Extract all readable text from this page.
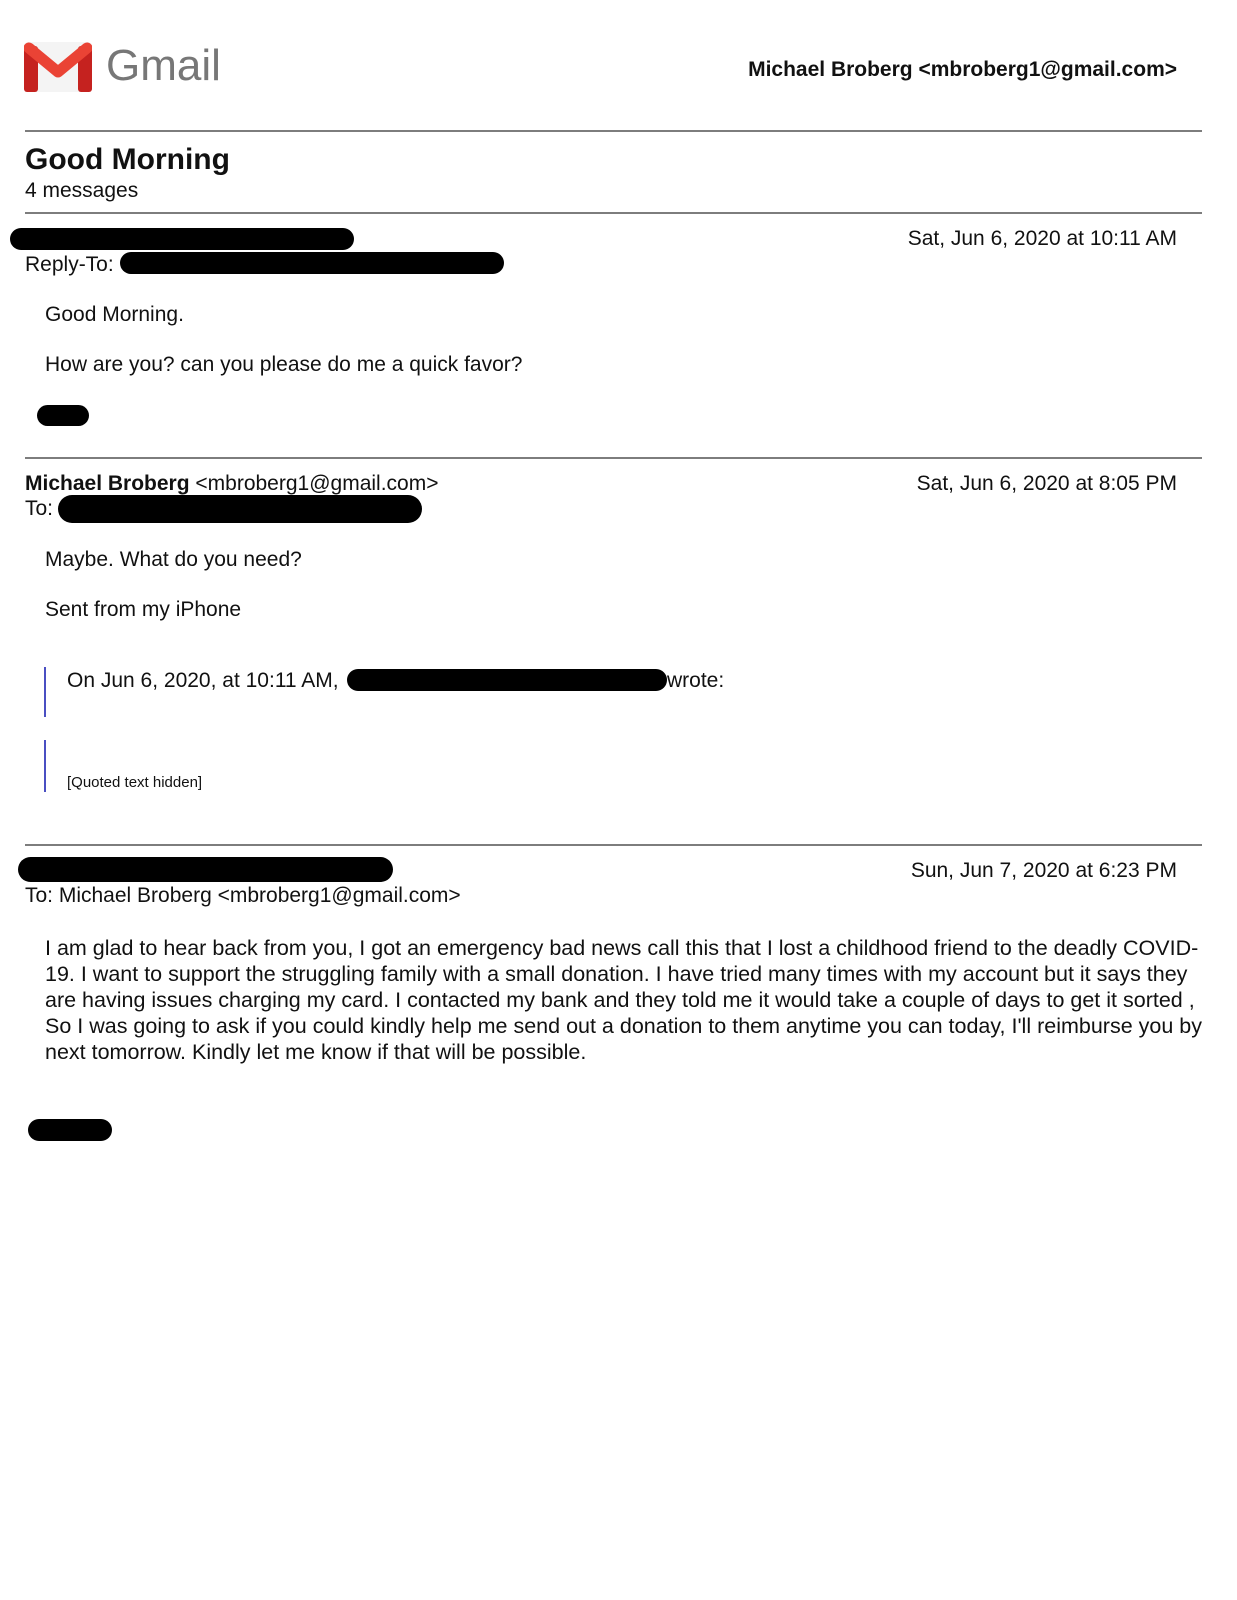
Gmail	Michael Broberg <mbroberg1@gmail.com>
Good Morning
4 messages
Sat, Jun 6, 2020 at 10:11 AM
Reply-To:
Good Morning.
How are you? can you please do me a quick favor?
Michael Broberg <mbroberg1@gmail.com>	Sat, Jun 6, 2020 at 8:05 PM
To:
Maybe. What do you need?
Sent from my iPhone
On Jun 6, 2020, at 10:11 AM,	wrote:
[Quoted text hidden]
Sun, Jun 7, 2020 at 6:23 PM
To: Michael Broberg <mbroberg1@gmail.com>
I am glad to hear back from you, I got an emergency bad news call this that I lost a childhood friend to the deadly COVID-19. I want to support the struggling family with a small donation. I have tried many times with my account but it says they are having issues charging my card. I contacted my bank and they told me it would take a couple of days to get it sorted , So I was going to ask if you could kindly help me send out a donation to them anytime you can today, I'll reimburse you by next tomorrow. Kindly let me know if that will be possible.
